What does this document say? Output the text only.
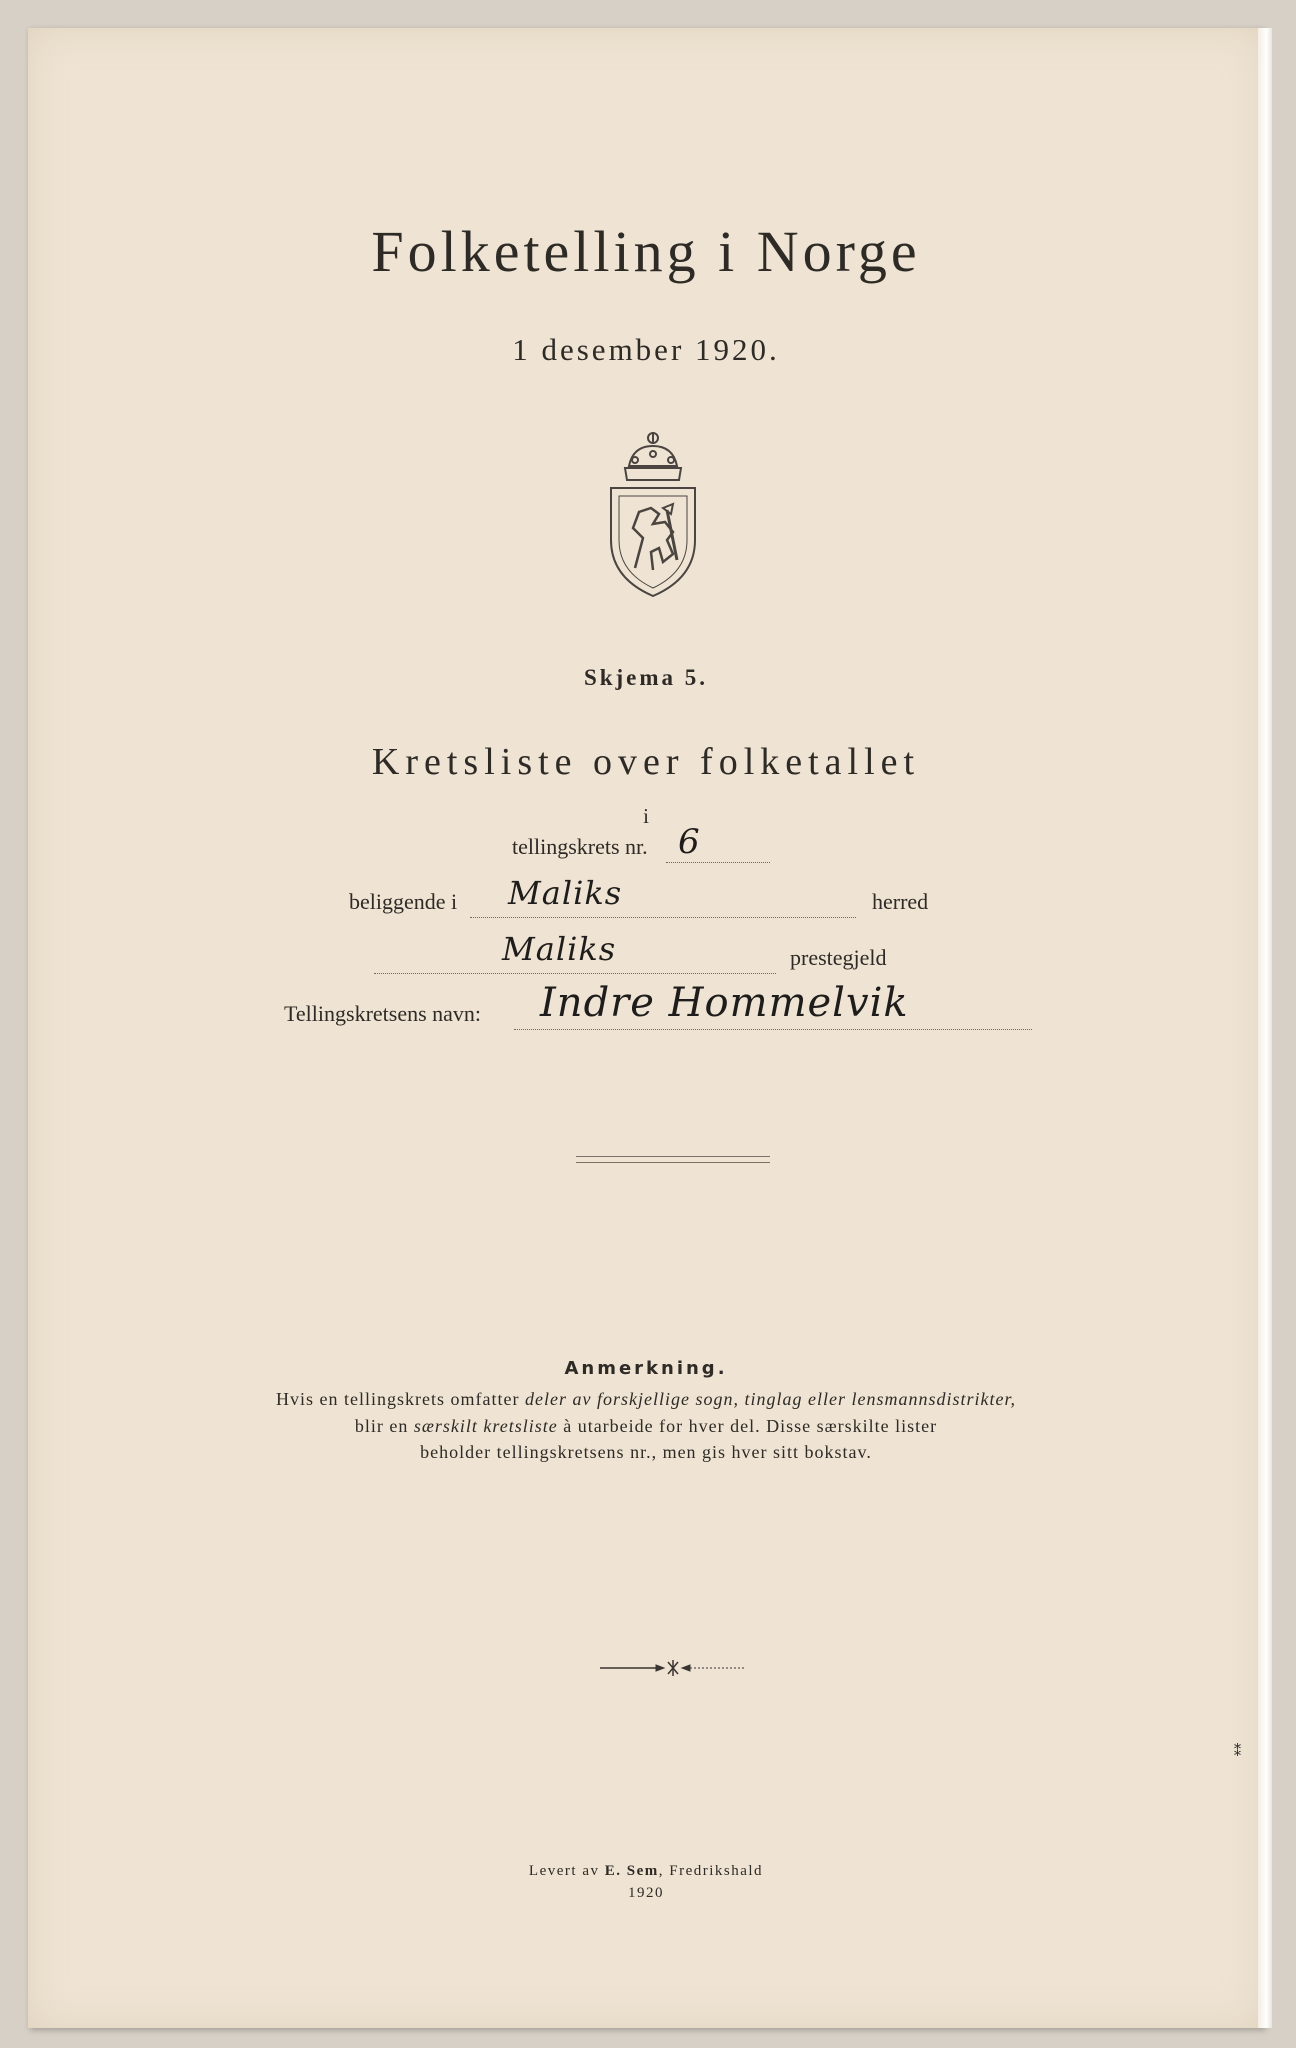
Folketelling i Norge
1 desember 1920.
Skjema 5.
Kretsliste over folketallet
i
tellingskrets nr. 6
beliggende i Maliks	herred
Maliks	prestegjeld
Tellingskretsens navn: Indre Hommelvik
Anmerkning.
Hvis en tellingskrets omfatter deler av forskjellige sogn, tinglag eller lensmannsdistrikter,
blir en særskilt kretsliste à utarbeide for hver del. Disse særskilte lister
beholder tellingskretsens nr., men gis hver sitt bokstav.
Levert av E. Sem, Fredrikshald
1920
⁑
